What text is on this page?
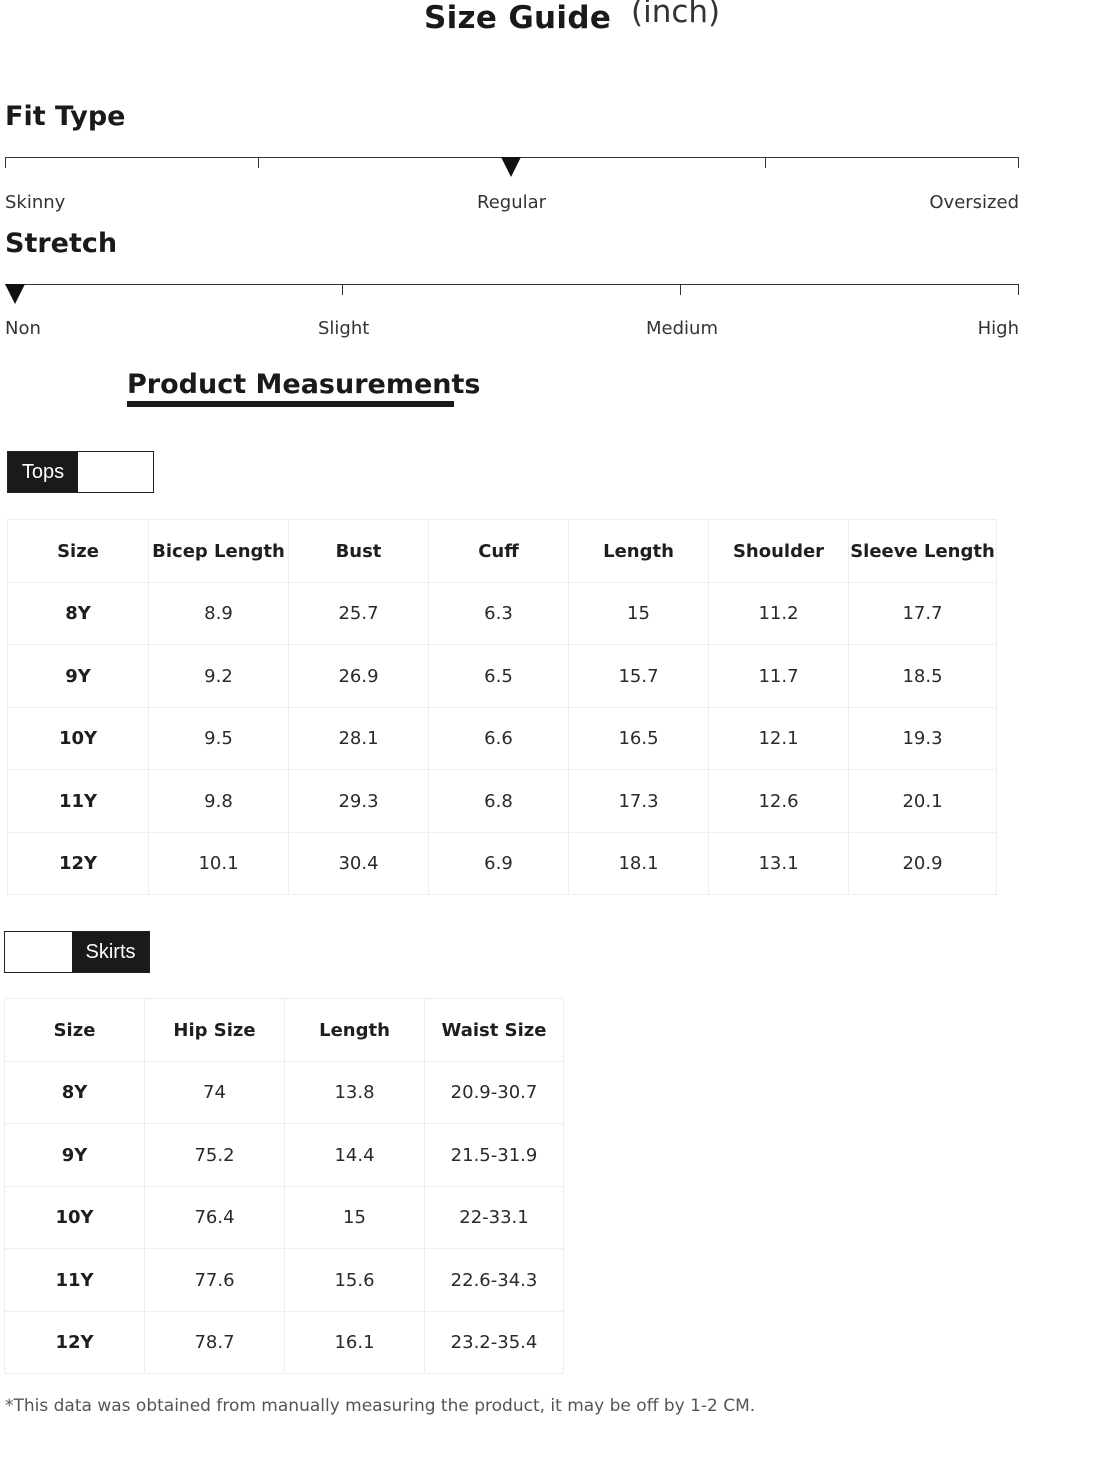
Size Guide (inch)
Fit Type
Skinny	Regular	Oversized
Stretch
Non	Slight	Medium	High
Product Measurements
Tops
Size	Bicep Length	Bust	Cuff	Length	Shoulder	Sleeve Length
8Y	8.9	25.7	6.3	15	11.2	17.7
9Y	9.2	26.9	6.5	15.7	11.7	18.5
10Y	9.5	28.1	6.6	16.5	12.1	19.3
11Y	9.8	29.3	6.8	17.3	12.6	20.1
12Y	10.1	30.4	6.9	18.1	13.1	20.9
Skirts
Size	Hip Size	Length	Waist Size
8Y	74	13.8	20.9-30.7
9Y	75.2	14.4	21.5-31.9
10Y	76.4	15	22-33.1
11Y	77.6	15.6	22.6-34.3
12Y	78.7	16.1	23.2-35.4
*This data was obtained from manually measuring the product, it may be off by 1-2 CM.
